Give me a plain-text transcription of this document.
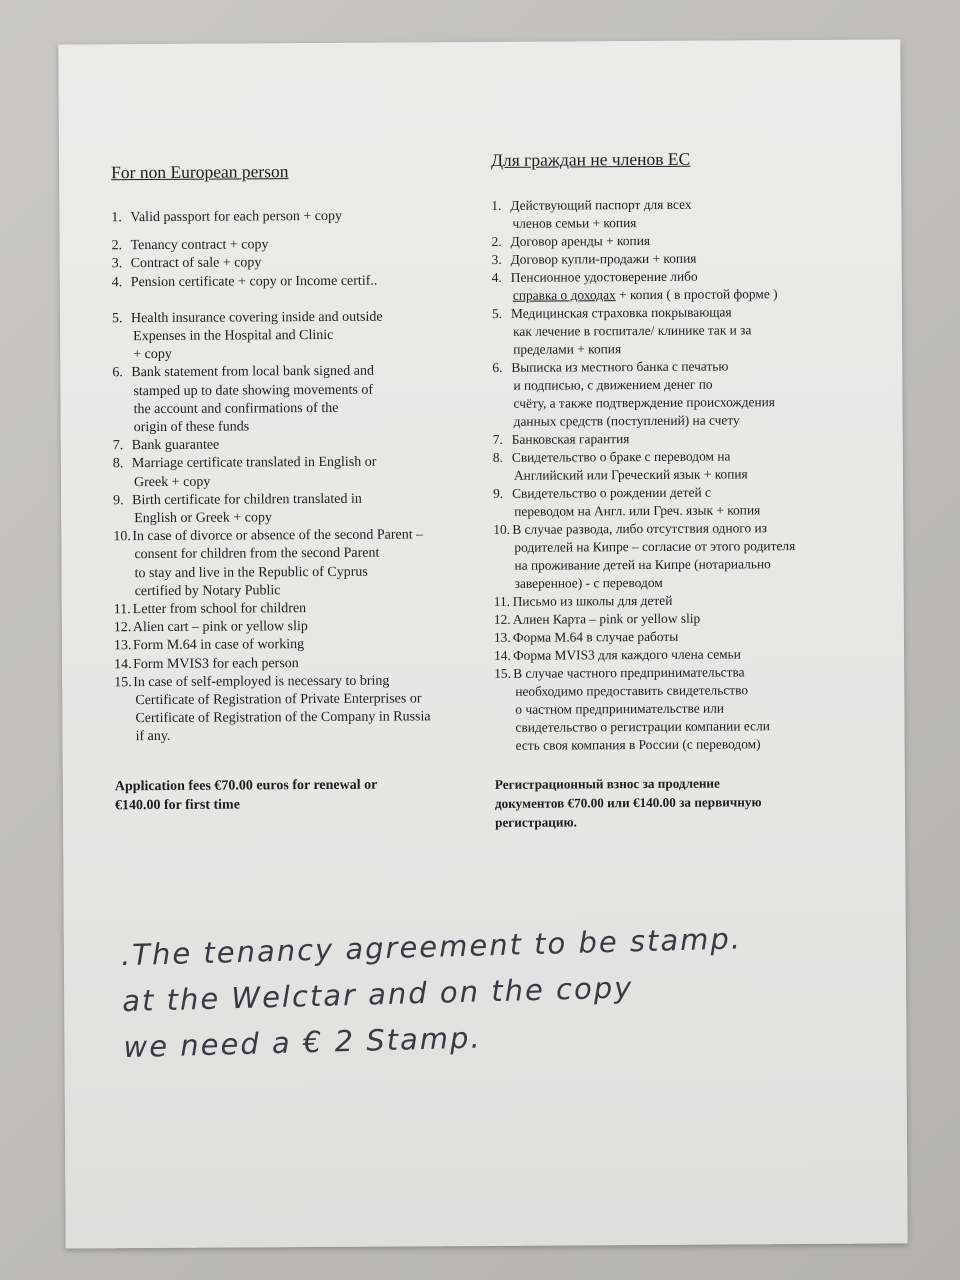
For non European person
1. Valid passport for each person + copy
2. Tenancy contract + copy
3. Contract of sale + copy
4. Pension certificate + copy or Income certif..
5. Health insurance covering inside and outside
Expenses in the Hospital and Clinic
+ copy
6. Bank statement from local bank signed and
stamped up to date showing movements of
the account and confirmations of the
origin of these funds
7. Bank guarantee
8. Marriage certificate translated in English or
Greek + copy
9. Birth certificate for children translated in
English or Greek + copy
10. In case of divorce or absence of the second Parent –
consent for children from the second Parent
to stay and live in the Republic of Cyprus
certified by Notary Public
11. Letter from school for children
12. Alien cart – pink or yellow slip
13. Form M.64 in case of working
14. Form MVIS3 for each person
15. In case of self-employed is necessary to bring
Certificate of Registration of Private Enterprises or
Certificate of Registration of the Company in Russia
if any.
Application fees €70.00 euros for renewal or
€140.00 for first time
Для граждан не членов ЕС
1. Действующий паспорт для всех
членов семьи + копия
2. Договор аренды + копия
3. Договор купли-продажи + копия
4. Пенсионное удостоверение либо
справка о доходах + копия ( в простой форме )
5. Медицинская страховка покрывающая
как лечение в госпитале/ клинике так и за
пределами + копия
6. Выписка из местного банка с печатью
и подписью, с движением денег по
счёту, а также подтверждение происхождения
данных средств (поступлений) на счету
7. Банковская гарантия
8. Свидетельство о браке с переводом на
Английский или Греческий язык + копия
9. Свидетельство о рождении детей с
переводом на Англ. или Греч. язык + копия
10. В случае развода, либо отсутствия одного из
родителей на Кипре – согласие от этого родителя
на проживание детей на Кипре (нотариально
заверенное) - с переводом
11. Письмо из школы для детей
12. Алиен Карта – pink or yellow slip
13. Форма М.64 в случае работы
14. Форма MVIS3 для каждого члена семьи
15. В случае частного предпринимательства
необходимо предоставить свидетельство
о частном предпринимательстве или
свидетельство о регистрации компании если
есть своя компания в России (с переводом)
Регистрационный взнос за продление
документов €70.00 или €140.00 за первичную
регистрацию.
.The tenancy agreement to be stamp.
at the Welctar and on the copy
we need a € 2 Stamp.
